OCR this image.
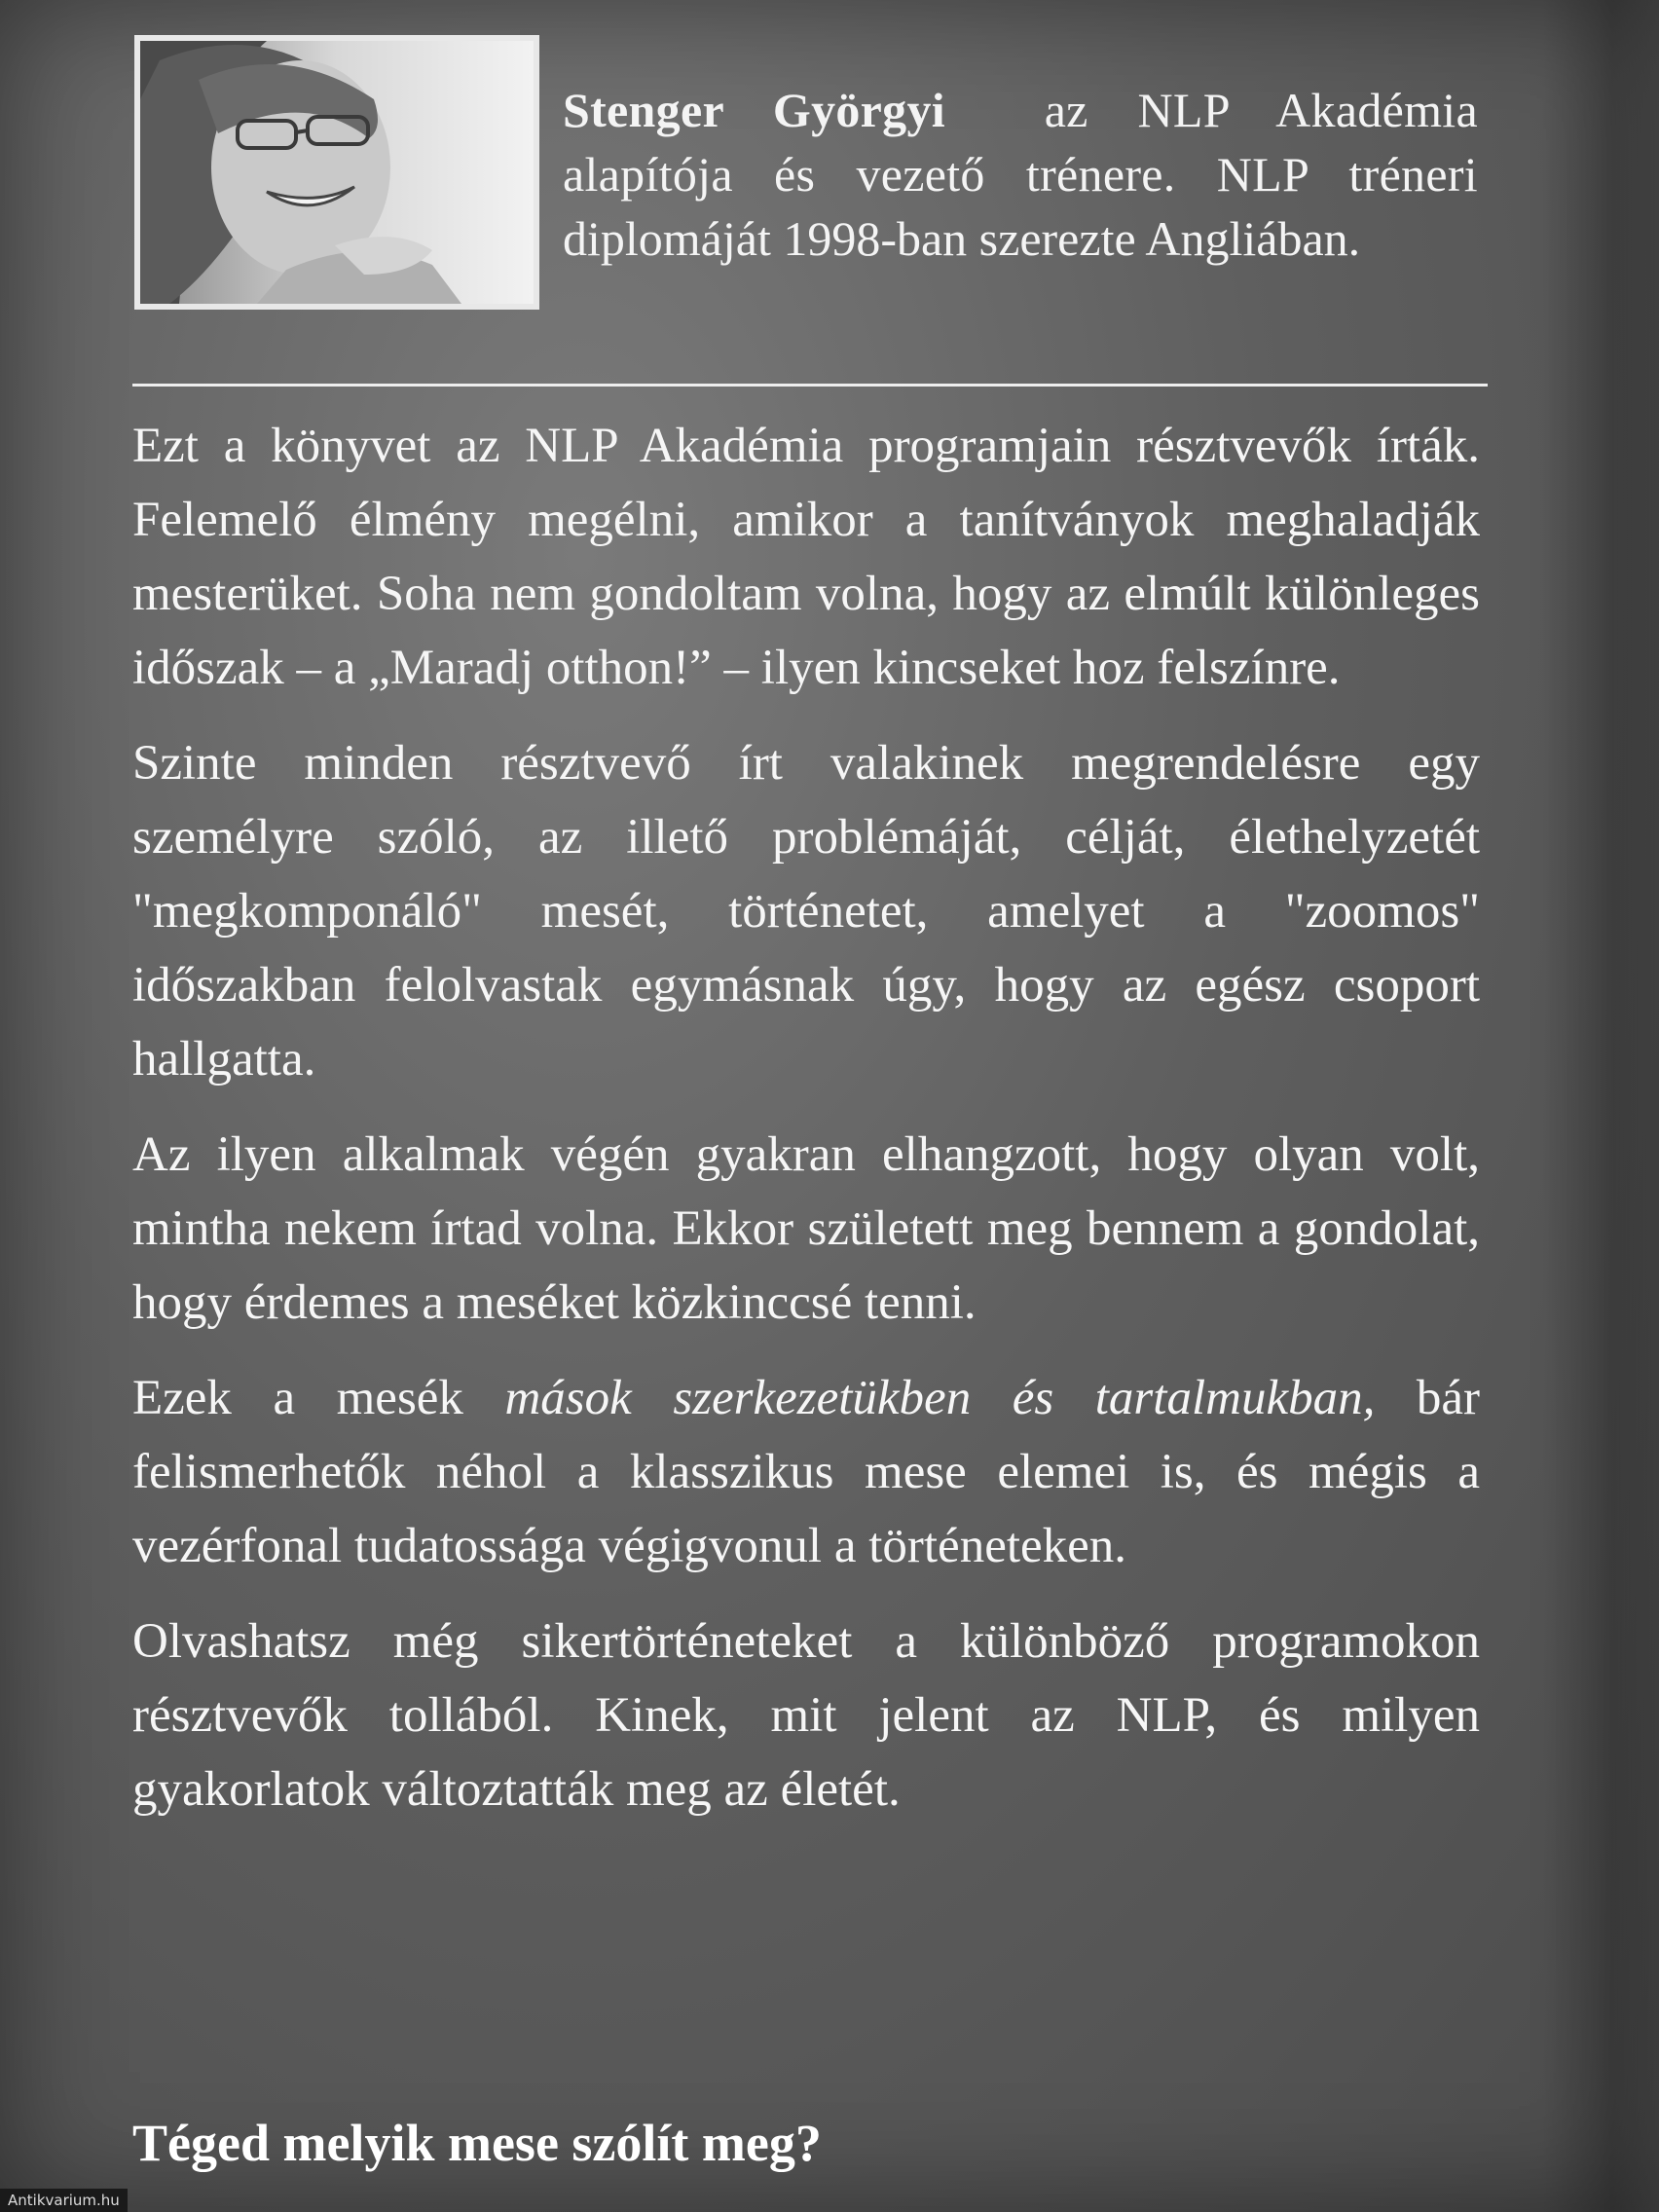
Stenger Györgyi az NLP Akadémia
alapítója és vezető trénere. NLP tréneri
diplomáját 1998-ban szerezte Angliában.

Ezt a könyvet az NLP Akadémia programjain résztvevők írták. Felemelő élmény megélni, amikor a tanítványok meghaladják mesterüket. Soha nem gondoltam volna, hogy az elmúlt különleges időszak – a „Maradj otthon!” – ilyen kincseket hoz felszínre.

Szinte minden résztvevő írt valakinek megrendelésre egy személyre szóló, az illető problémáját, célját, élethelyzetét "megkomponáló" mesét, történetet, amelyet a "zoomos" időszakban felolvastak egymásnak úgy, hogy az egész csoport hallgatta.

Az ilyen alkalmak végén gyakran elhangzott, hogy olyan volt, mintha nekem írtad volna. Ekkor született meg bennem a gondolat, hogy érdemes a meséket közkinccsé tenni.

Ezek a mesék mások szerkezetükben és tartalmukban, bár felismerhetők néhol a klasszikus mese elemei is, és mégis a vezérfonal tudatossága végigvonul a történeteken.

Olvashatsz még sikertörténeteket a különböző programokon résztvevők tollából. Kinek, mit jelent az NLP, és milyen gyakorlatok változtatták meg az életét.

Téged melyik mese szólít meg?
Antikvarium.hu
